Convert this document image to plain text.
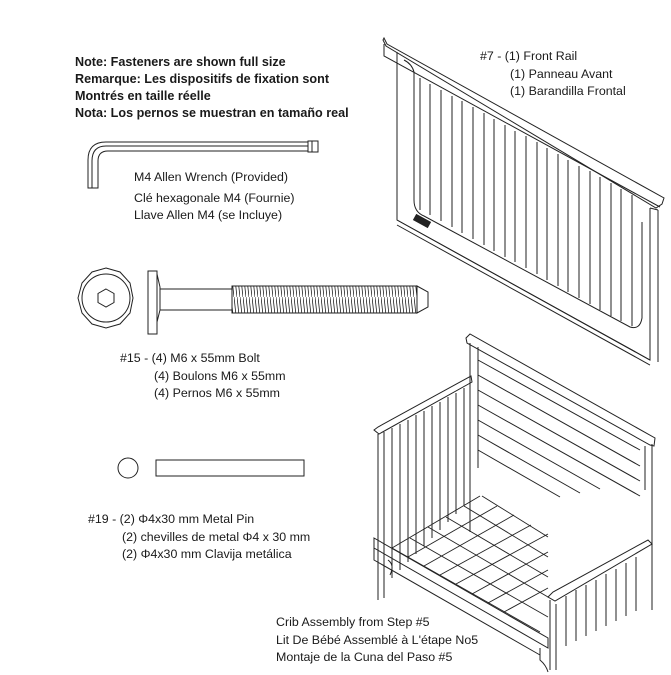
Note: Fasteners are shown full size
Remarque: Les dispositifs de fixation sont
Montrés en taille réelle
Nota: Los pernos se muestran en tamaño real
#7 - (1) Front Rail
(1) Panneau Avant
(1) Barandilla Frontal
M4 Allen Wrench (Provided)
Clé hexagonale M4 (Fournie)
Llave Allen M4 (se Incluye)
#15 - (4) M6 x 55mm Bolt
(4) Boulons M6 x 55mm
(4) Pernos M6 x 55mm
#19 - (2) Φ4x30 mm Metal Pin
(2) chevilles de metal Φ4 x 30 mm
(2) Φ4x30 mm Clavija metálica
Crib Assembly from Step #5
Lit De Bébé Assemblé à L'étape No5
Montaje de la Cuna del Paso #5
